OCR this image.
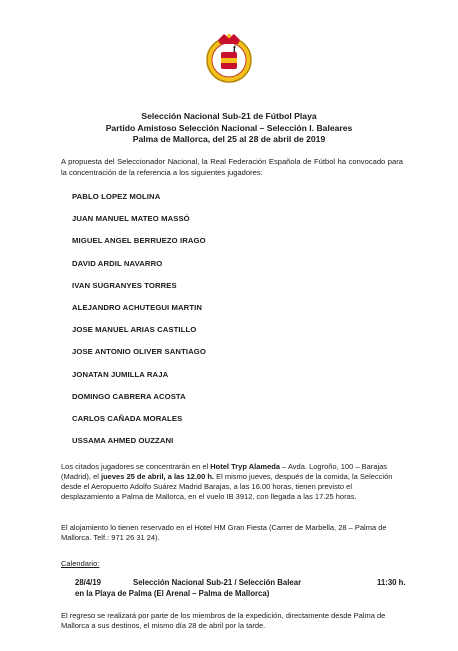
f
Selección Nacional Sub-21 de Fútbol Playa
Partido Amistoso Selección Nacional – Selección I. Baleares
Palma de Mallorca, del 25 al 28 de abril de 2019
A propuesta del Seleccionador Nacional, la Real Federación Española de Fútbol ha convocado para la concentración de la referencia a los siguientes jugadores:
PABLO LOPEZ MOLINA
JUAN MANUEL MATEO MASSÓ
MIGUEL ANGEL BERRUEZO IRAGO
DAVID ARDIL NAVARRO
IVAN SUGRANYES TORRES
ALEJANDRO ACHUTEGUI MARTIN
JOSE MANUEL ARIAS CASTILLO
JOSE ANTONIO OLIVER SANTIAGO
JONATAN JUMILLA RAJA
DOMINGO CABRERA ACOSTA
CARLOS CAÑADA MORALES
USSAMA AHMED OUZZANI
Los citados jugadores se concentrarán en el Hotel Tryp Alameda – Avda. Logroño, 100 – Barajas (Madrid), el jueves 25 de abril, a las 12.00 h. El mismo jueves, después de la comida, la Selección desde el Aeropuerto Adolfo Suárez Madrid Barajas, a las 16.00 horas, tienen previsto el desplazamiento a Palma de Mallorca, en el vuelo IB 3912, con llegada a las 17.25 horas.
El alojamiento lo tienen reservado en el Hotel HM Gran Fiesta (Carrer de Marbella, 28 – Palma de Mallorca. Telf.: 971 26 31 24).
Calendario:
28/4/19	Selección Nacional Sub-21 / Selección Balear	11:30 h.
en la Playa de Palma (El Arenal – Palma de Mallorca)
El regreso se realizará por parte de los miembros de la expedición, directamente desde Palma de Mallorca a sus destinos, el mismo día 28 de abril por la tarde.
